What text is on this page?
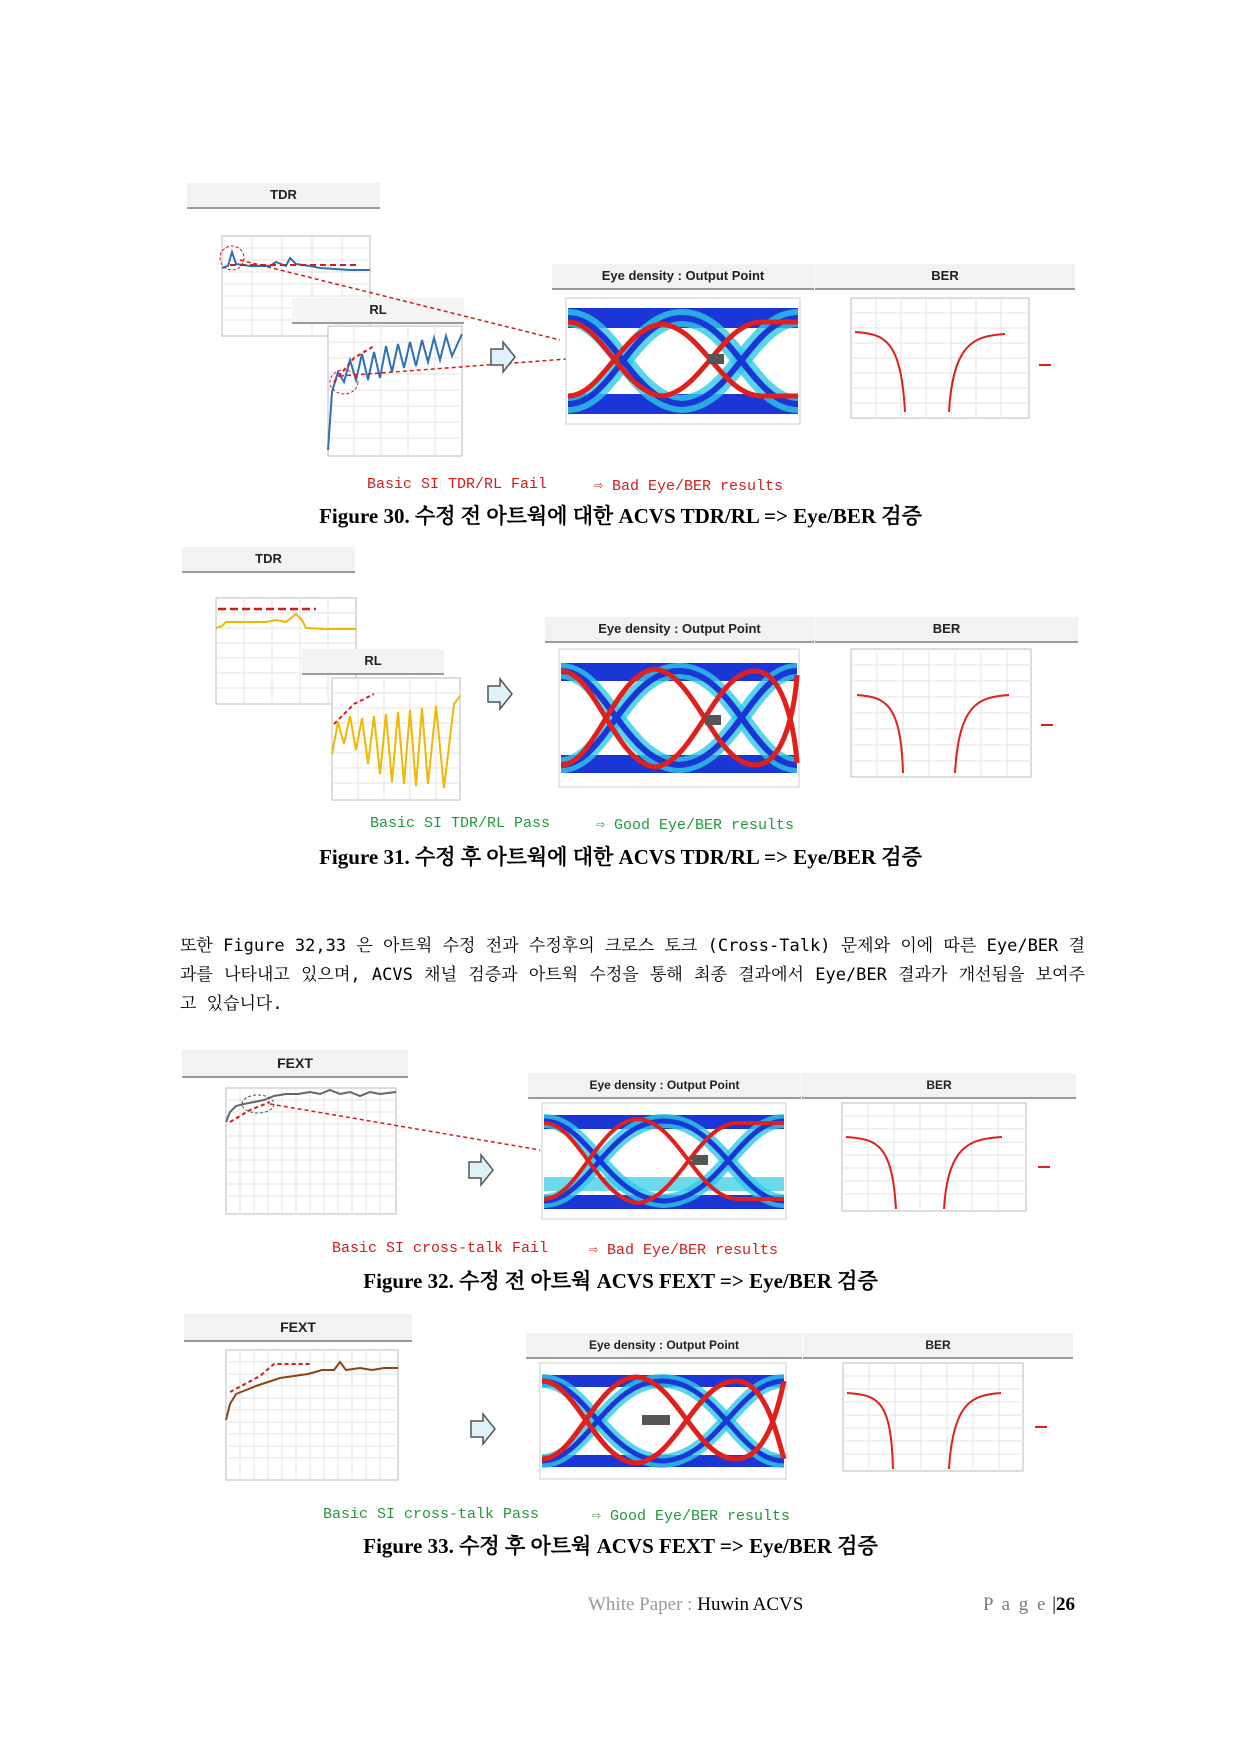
TDR
RL
Eye density : Output Point	BER
Basic SI TDR/RL Fail	⇨ Bad Eye/BER results
Figure 30. 수정 전 아트웍에 대한 ACVS TDR/RL => Eye/BER 검증
TDR
RL
Eye density : Output Point	BER
Basic SI TDR/RL Pass	⇨ Good Eye/BER results
Figure 31. 수정 후 아트웍에 대한 ACVS TDR/RL => Eye/BER 검증
또한 Figure 32,33 은 아트웍 수정 전과 수정후의 크로스 토크 (Cross-Talk) 문제와 이에 따른 Eye/BER 결과를 나타내고 있으며, ACVS 채널 검증과 아트웍 수정을 통해 최종 결과에서 Eye/BER 결과가 개선됨을 보여주고 있습니다.
FEXT
Eye density : Output Point	BER
Basic SI cross-talk Fail	⇨ Bad Eye/BER results
Figure 32. 수정 전 아트웍 ACVS FEXT => Eye/BER 검증
FEXT
Eye density : Output Point	BER
Basic SI cross-talk Pass	⇨ Good Eye/BER results
Figure 33. 수정 후 아트웍 ACVS FEXT => Eye/BER 검증
White Paper : Huwin ACVS	P a g e |26
